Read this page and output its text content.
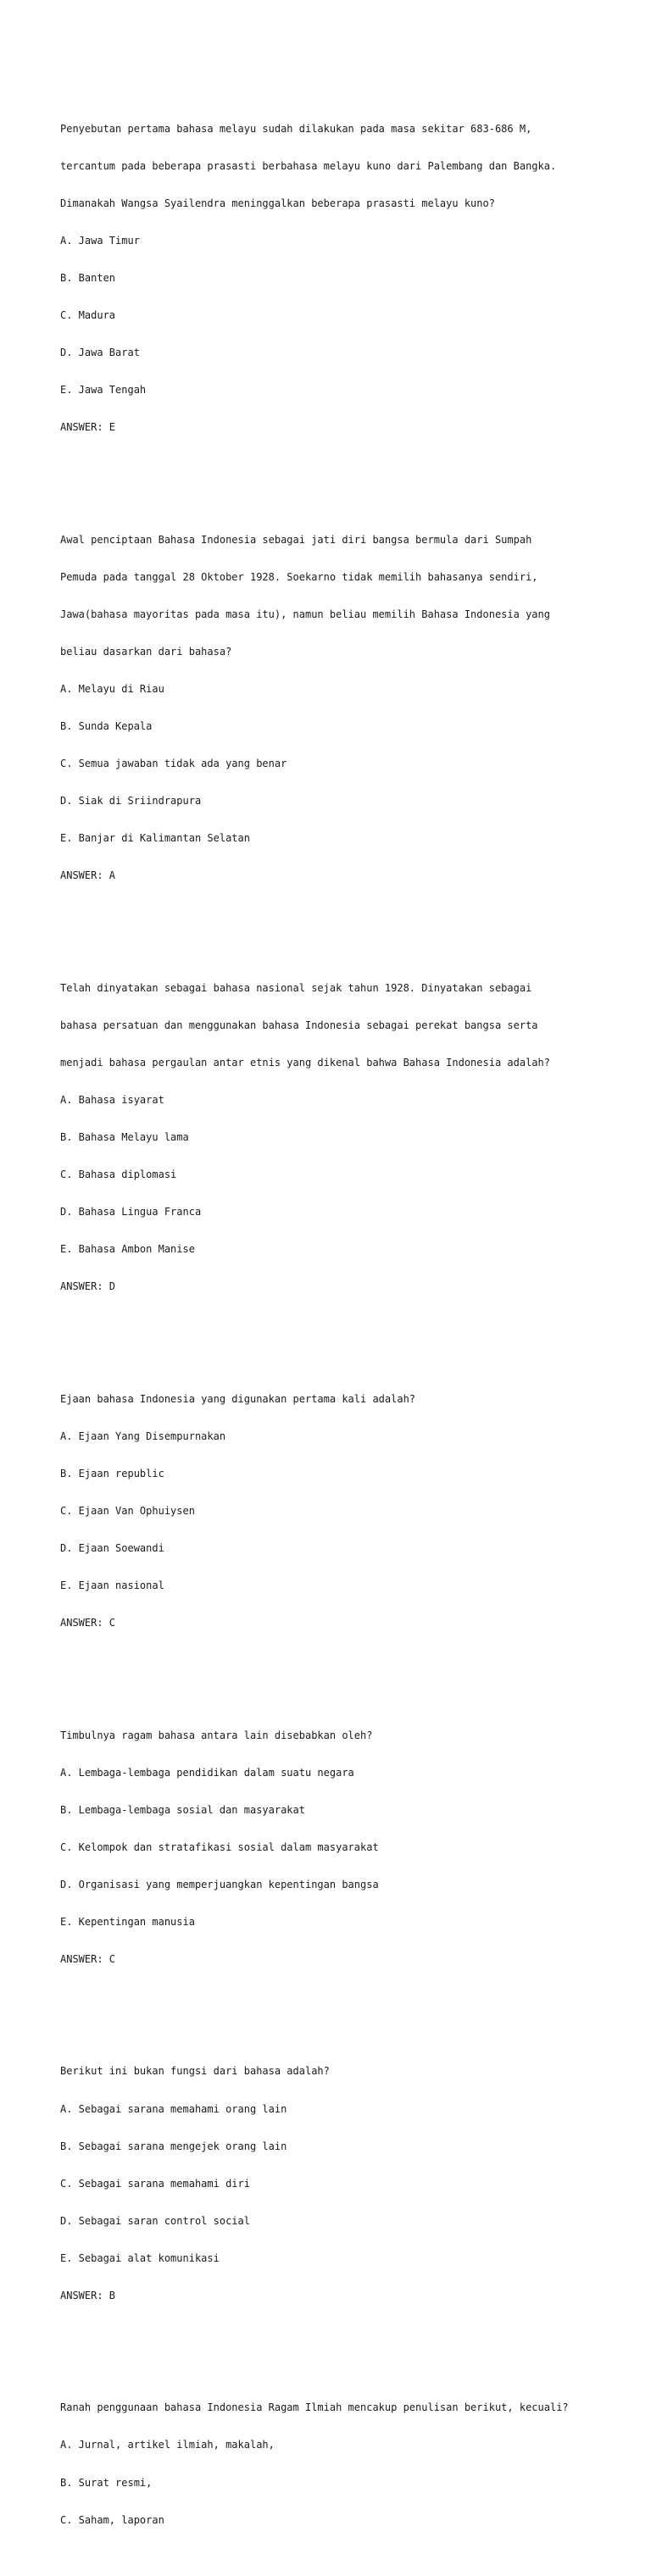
Penyebutan pertama bahasa melayu sudah dilakukan pada masa sekitar 683-686 M,

tercantum pada beberapa prasasti berbahasa melayu kuno dari Palembang dan Bangka.

Dimanakah Wangsa Syailendra meninggalkan beberapa prasasti melayu kuno?

A. Jawa Timur

B. Banten

C. Madura

D. Jawa Barat

E. Jawa Tengah

ANSWER: E

Awal penciptaan Bahasa Indonesia sebagai jati diri bangsa bermula dari Sumpah

Pemuda pada tanggal 28 Oktober 1928. Soekarno tidak memilih bahasanya sendiri,

Jawa(bahasa mayoritas pada masa itu), namun beliau memilih Bahasa Indonesia yang

beliau dasarkan dari bahasa?

A. Melayu di Riau

B. Sunda Kepala

C. Semua jawaban tidak ada yang benar

D. Siak di Sriindrapura

E. Banjar di Kalimantan Selatan

ANSWER: A

Telah dinyatakan sebagai bahasa nasional sejak tahun 1928. Dinyatakan sebagai

bahasa persatuan dan menggunakan bahasa Indonesia sebagai perekat bangsa serta

menjadi bahasa pergaulan antar etnis yang dikenal bahwa Bahasa Indonesia adalah?

A. Bahasa isyarat

B. Bahasa Melayu lama

C. Bahasa diplomasi

D. Bahasa Lingua Franca

E. Bahasa Ambon Manise

ANSWER: D

Ejaan bahasa Indonesia yang digunakan pertama kali adalah?

A. Ejaan Yang Disempurnakan

B. Ejaan republic

C. Ejaan Van Ophuiysen

D. Ejaan Soewandi

E. Ejaan nasional

ANSWER: C

Timbulnya ragam bahasa antara lain disebabkan oleh?

A. Lembaga-lembaga pendidikan dalam suatu negara

B. Lembaga-lembaga sosial dan masyarakat

C. Kelompok dan stratafikasi sosial dalam masyarakat

D. Organisasi yang memperjuangkan kepentingan bangsa

E. Kepentingan manusia

ANSWER: C

Berikut ini bukan fungsi dari bahasa adalah?

A. Sebagai sarana memahami orang lain

B. Sebagai sarana mengejek orang lain

C. Sebagai sarana memahami diri

D. Sebagai saran control social

E. Sebagai alat komunikasi

ANSWER: B

Ranah penggunaan bahasa Indonesia Ragam Ilmiah mencakup penulisan berikut, kecuali?

A. Jurnal, artikel ilmiah, makalah,

B. Surat resmi,

C. Saham, laporan
